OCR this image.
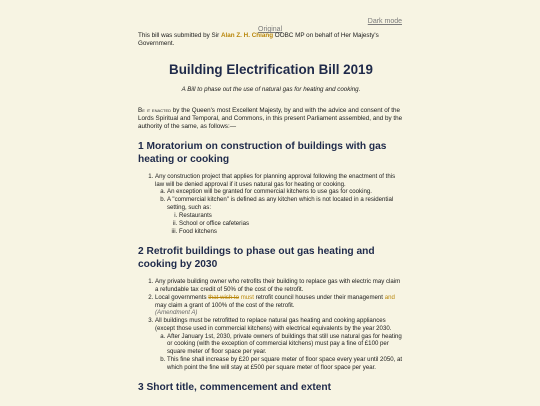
Dark mode
Original

This bill was submitted by Sir Alan Z. H. Chiang OOBC MP on behalf of Her Majesty's Government.

Building Electrification Bill 2019

A Bill to phase out the use of natural gas for heating and cooking.

Be it enacted by the Queen's most Excellent Majesty, by and with the advice and consent of the Lords Spiritual and Temporal, and Commons, in this present Parliament assembled, and by the authority of the same, as follows:—

1 Moratorium on construction of buildings with gas heating or cooking
1. Any construction project that applies for planning approval following the enactment of this law will be denied approval if it uses natural gas for heating or cooking.
a. An exception will be granted for commercial kitchens to use gas for cooking.
b. A "commercial kitchen" is defined as any kitchen which is not located in a residential setting, such as:
i. Restaurants
ii. School or office cafeterias
iii. Food kitchens
2 Retrofit buildings to phase out gas heating and cooking by 2030
1. Any private building owner who retrofits their building to replace gas with electric may claim a refundable tax credit of 50% of the cost of the retrofit.
2. Local governments that wish to must retrofit council houses under their management and may claim a grant of 100% of the cost of the retrofit.
(Amendment A)
3. All buildings must be retrofitted to replace natural gas heating and cooking appliances (except those used in commercial kitchens) with electrical equivalents by the year 2030.
a. After January 1st, 2030, private owners of buildings that still use natural gas for heating or cooking (with the exception of commercial kitchens) must pay a fine of £100 per square meter of floor space per year.
b. This fine shall increase by £20 per square meter of floor space every year until 2050, at which point the fine will stay at £500 per square meter of floor space per year.
3 Short title, commencement and extent
